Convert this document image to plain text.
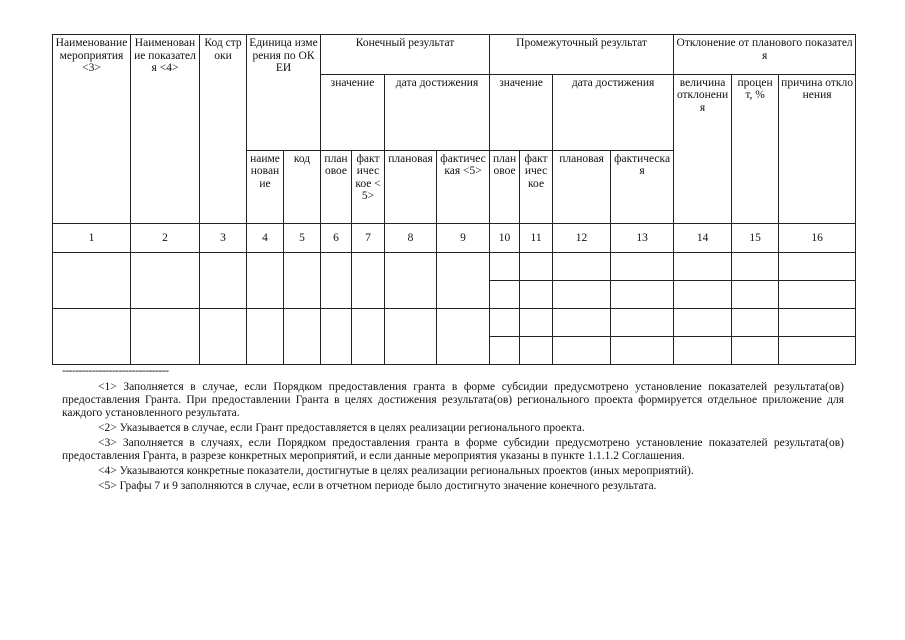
Наименование мероприятия <3>	Наименование показателя <4>	Код строки	Единица измерения по ОКЕИ		Конечный результат				Промежуточный результат				Отклонение от планового показателя		
					значение		дата достижения		значение		дата достижения		величина отклонения	процент, %	причина отклонения
			наименование	код	плановое	фактическое <5>	плановая	фактическая <5>	плановое	фактическое	плановая	фактическая			
1	2	3	4	5	6	7	8	9	10	11	12	13	14	15	16

--------------------------------

<1> Заполняется в случае, если Порядком предоставления гранта в форме субсидии предусмотрено установление показателей результата(ов) предоставления Гранта. При предоставлении Гранта в целях достижения результата(ов) регионального проекта формируется отдельное приложение для каждого установленного результата.

<2> Указывается в случае, если Грант предоставляется в целях реализации регионального проекта.

<3> Заполняется в случаях, если Порядком предоставления гранта в форме субсидии предусмотрено установление показателей результата(ов) предоставления Гранта, в разрезе конкретных мероприятий, и если данные мероприятия указаны в пункте 1.1.1.2 Соглашения.

<4> Указываются конкретные показатели, достигнутые в целях реализации региональных проектов (иных мероприятий).

<5> Графы 7 и 9 заполняются в случае, если в отчетном периоде было достигнуто значение конечного результата.
